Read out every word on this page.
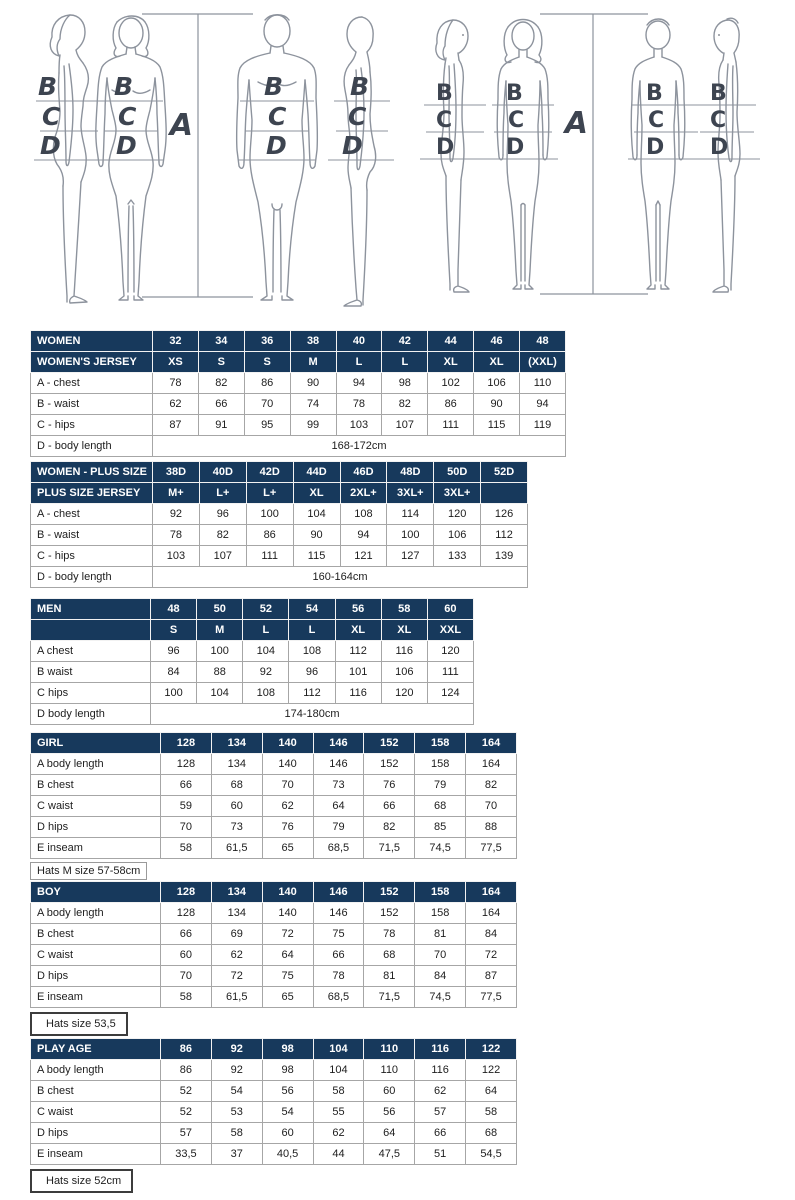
A	A
B
C
D
B
C
D
B
C
D
B
C
D
B
C
D
B
C
D
B
C
D
B
C
D
WOMEN	32	34	36	38	40	42	44	46	48
WOMEN'S JERSEY	XS	S	S	M	L	L	XL	XL	(XXL)
A - chest	78	82	86	90	94	98	102	106	110
B - waist	62	66	70	74	78	82	86	90	94
C - hips	87	91	95	99	103	107	111	115	119
D - body length	168-172cm								
WOMEN - PLUS SIZE	38D	40D	42D	44D	46D	48D	50D	52D
PLUS SIZE JERSEY	M+	L+	L+	XL	2XL+	3XL+	3XL+	
A - chest	92	96	100	104	108	114	120	126
B - waist	78	82	86	90	94	100	106	112
C - hips	103	107	111	115	121	127	133	139
D - body length	160-164cm							
MEN	48	50	52	54	56	58	60
	S	M	L	L	XL	XL	XXL
A chest	96	100	104	108	112	116	120
B waist	84	88	92	96	101	106	111
C hips	100	104	108	112	116	120	124
D body length	174-180cm						
GIRL	128	134	140	146	152	158	164
A body length	128	134	140	146	152	158	164
B chest	66	68	70	73	76	79	82
C waist	59	60	62	64	66	68	70
D hips	70	73	76	79	82	85	88
E inseam	58	61,5	65	68,5	71,5	74,5	77,5
Hats M size 57-58cm
BOY	128	134	140	146	152	158	164
A body length	128	134	140	146	152	158	164
B chest	66	69	72	75	78	81	84
C waist	60	62	64	66	68	70	72
D hips	70	72	75	78	81	84	87
E inseam	58	61,5	65	68,5	71,5	74,5	77,5
Hats size 53,5
PLAY AGE	86	92	98	104	110	116	122
A body length	86	92	98	104	110	116	122
B chest	52	54	56	58	60	62	64
C waist	52	53	54	55	56	57	58
D hips	57	58	60	62	64	66	68
E inseam	33,5	37	40,5	44	47,5	51	54,5
Hats size 52cm
